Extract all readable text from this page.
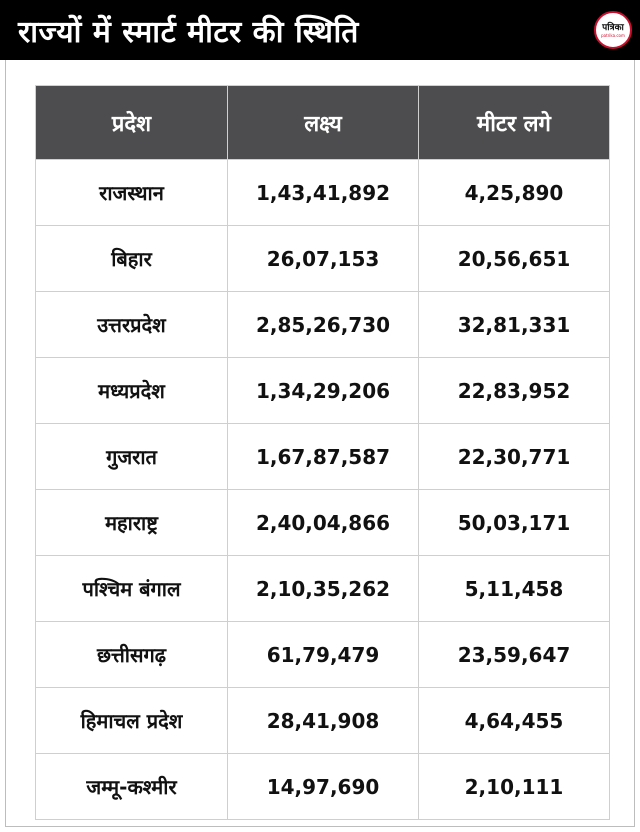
राज्यों में स्मार्ट मीटर की स्थिति	पत्रिका
patrika.com
प्रदेश	लक्ष्य	मीटर लगे
राजस्थान	1,43,41,892	4,25,890
बिहार	26,07,153	20,56,651
उत्तरप्रदेश	2,85,26,730	32,81,331
मध्यप्रदेश	1,34,29,206	22,83,952
गुजरात	1,67,87,587	22,30,771
महाराष्ट्र	2,40,04,866	50,03,171
पश्चिम बंगाल	2,10,35,262	5,11,458
छत्तीसगढ़	61,79,479	23,59,647
हिमाचल प्रदेश	28,41,908	4,64,455
जम्मू-कश्मीर	14,97,690	2,10,111
